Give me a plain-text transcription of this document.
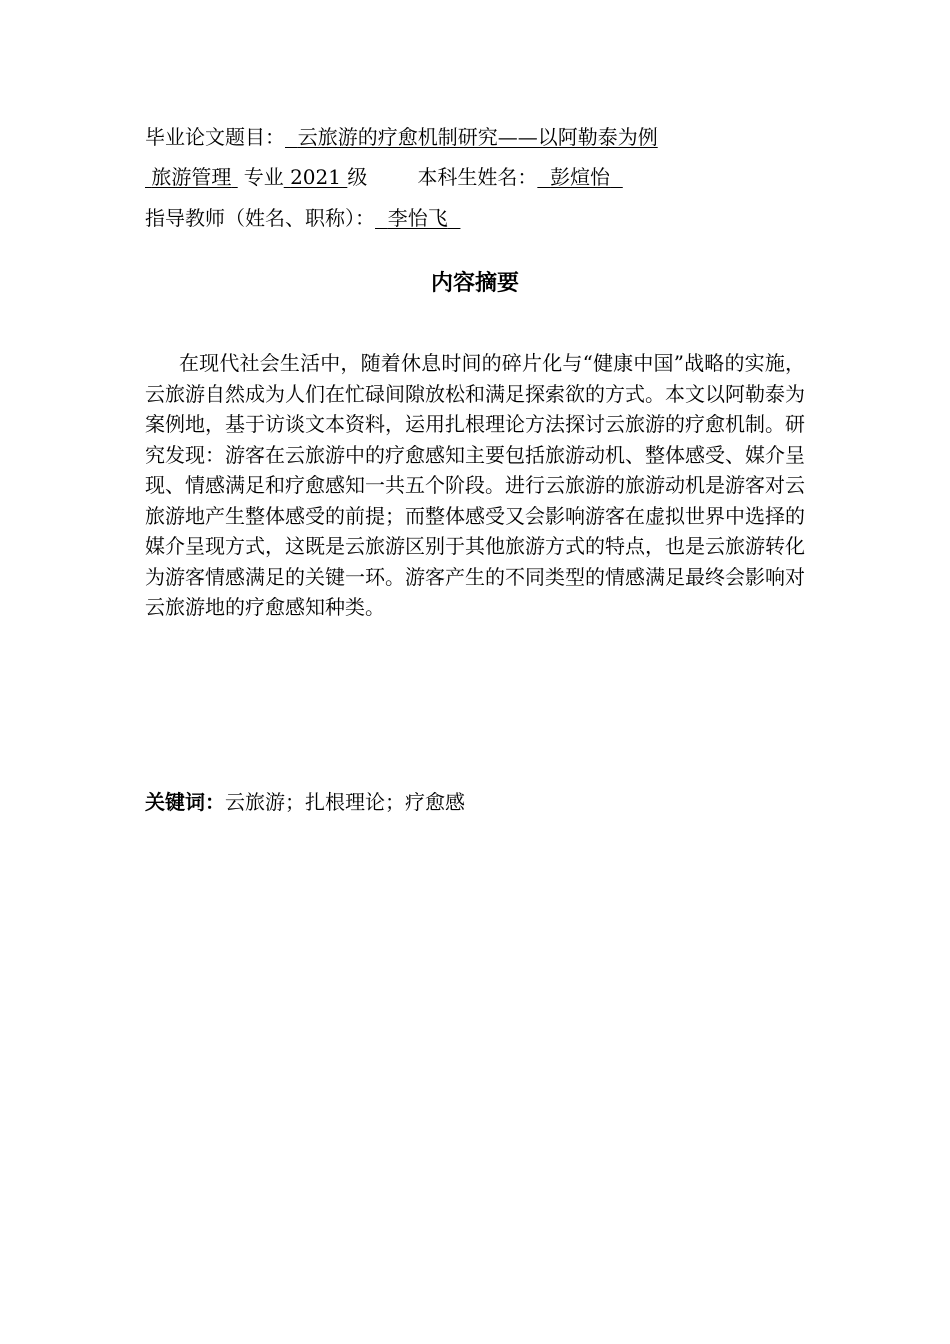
毕业论文题目： 云旅游的疗愈机制研究——以阿勒泰为例
旅游管理 专业 2021 级	本科生姓名： 彭煊怡
指导教师（姓名、职称）： 李怡飞
内容摘要

在现代社会生活中，随着休息时间的碎片化与“健康中国”战略的实施，云旅游自然成为人们在忙碌间隙放松和满足探索欲的方式。本文以阿勒泰为案例地，基于访谈文本资料，运用扎根理论方法探讨云旅游的疗愈机制。研究发现：游客在云旅游中的疗愈感知主要包括旅游动机、整体感受、媒介呈现、情感满足和疗愈感知一共五个阶段。进行云旅游的旅游动机是游客对云旅游地产生整体感受的前提；而整体感受又会影响游客在虚拟世界中选择的媒介呈现方式，这既是云旅游区别于其他旅游方式的特点，也是云旅游转化为游客情感满足的关键一环。游客产生的不同类型的情感满足最终会影响对云旅游地的疗愈感知种类。

关键词：云旅游；扎根理论；疗愈感
